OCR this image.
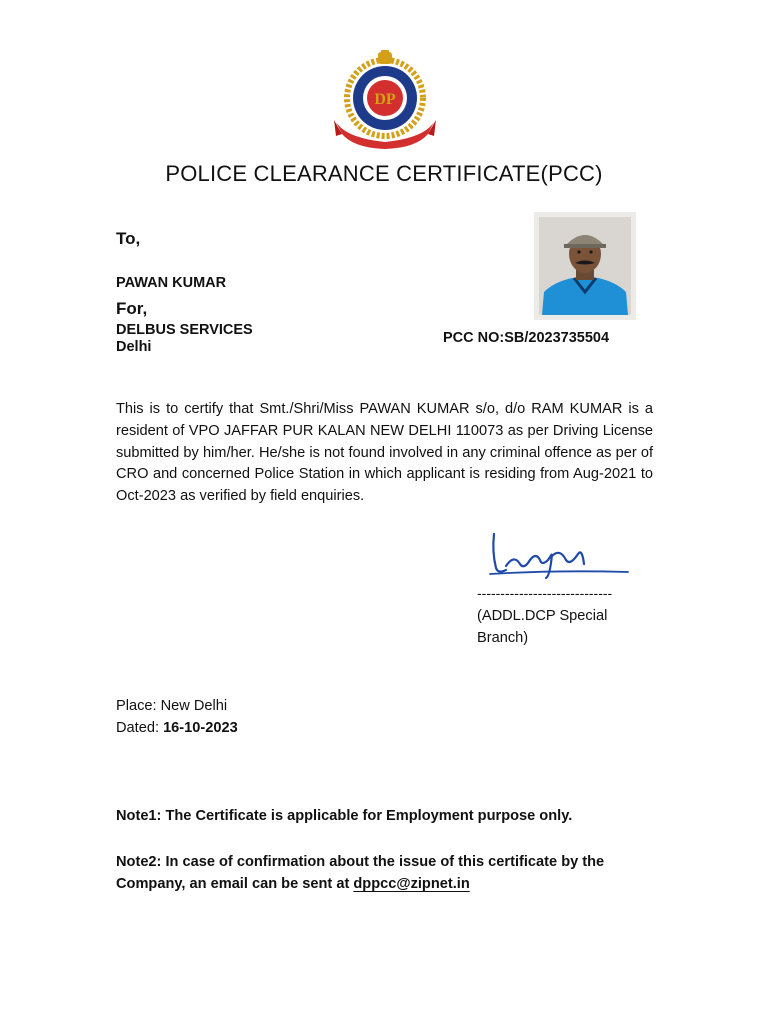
DP
POLICE CLEARANCE CERTIFICATE(PCC)
To,
PAWAN KUMAR
For,
DELBUS SERVICES
Delhi
PCC NO:SB/2023735504
This is to certify that Smt./Shri/Miss PAWAN KUMAR s/o, d/o RAM KUMAR is a resident of VPO JAFFAR PUR KALAN NEW DELHI 110073 as per Driving License submitted by him/her. He/she is not found involved in any criminal offence as per of CRO and concerned Police Station in which applicant is residing from Aug-2021 to Oct-2023 as verified by field enquiries.
-----------------------------
(ADDL.DCP Special Branch)
Place: New Delhi
Dated: 16-10-2023
Note1: The Certificate is applicable for Employment purpose only.
Note2: In case of confirmation about the issue of this certificate by the Company, an email can be sent at dppcc@zipnet.in
